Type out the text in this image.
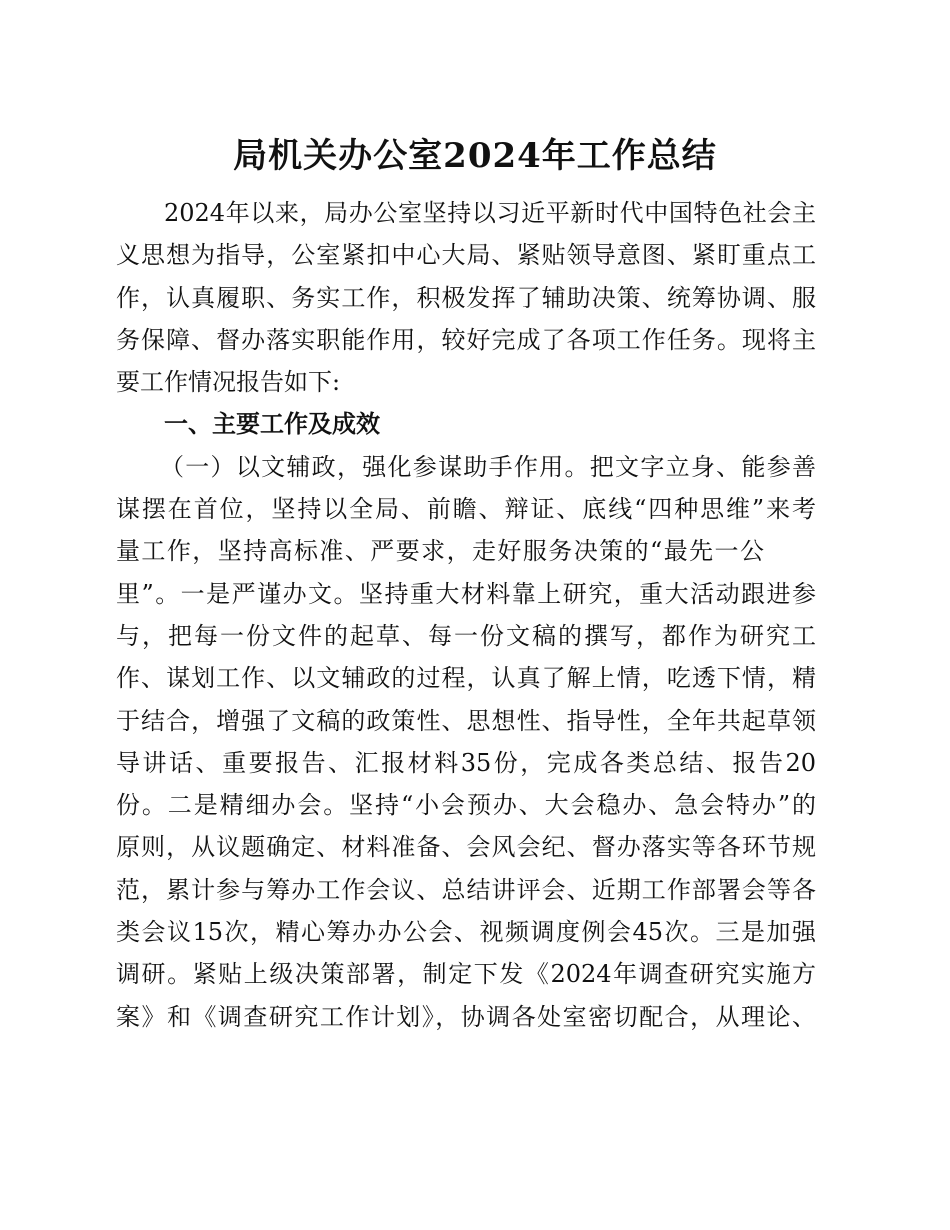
局机关办公室2024年工作总结
2024年以来，局办公室坚持以习近平新时代中国特色社会主
义思想为指导，公室紧扣中心大局、紧贴领导意图、紧盯重点工
作，认真履职、务实工作，积极发挥了辅助决策、统筹协调、服
务保障、督办落实职能作用，较好完成了各项工作任务。现将主
要工作情况报告如下:
一、主要工作及成效
（一）以文辅政，强化参谋助手作用。把文字立身、能参善
谋摆在首位，坚持以全局、前瞻、辩证、底线“四种思维”来考
量工作，坚持高标准、严要求，走好服务决策的“最先一公
里”。一是严谨办文。坚持重大材料靠上研究，重大活动跟进参
与，把每一份文件的起草、每一份文稿的撰写，都作为研究工
作、谋划工作、以文辅政的过程，认真了解上情，吃透下情，精
于结合，增强了文稿的政策性、思想性、指导性，全年共起草领
导讲话、重要报告、汇报材料35份，完成各类总结、报告20
份。二是精细办会。坚持“小会预办、大会稳办、急会特办”的
原则，从议题确定、材料准备、会风会纪、督办落实等各环节规
范，累计参与筹办工作会议、总结讲评会、近期工作部署会等各
类会议15次，精心筹办办公会、视频调度例会45次。三是加强
调研。紧贴上级决策部署，制定下发《2024年调查研究实施方
案》和《调查研究工作计划》，协调各处室密切配合，从理论、
